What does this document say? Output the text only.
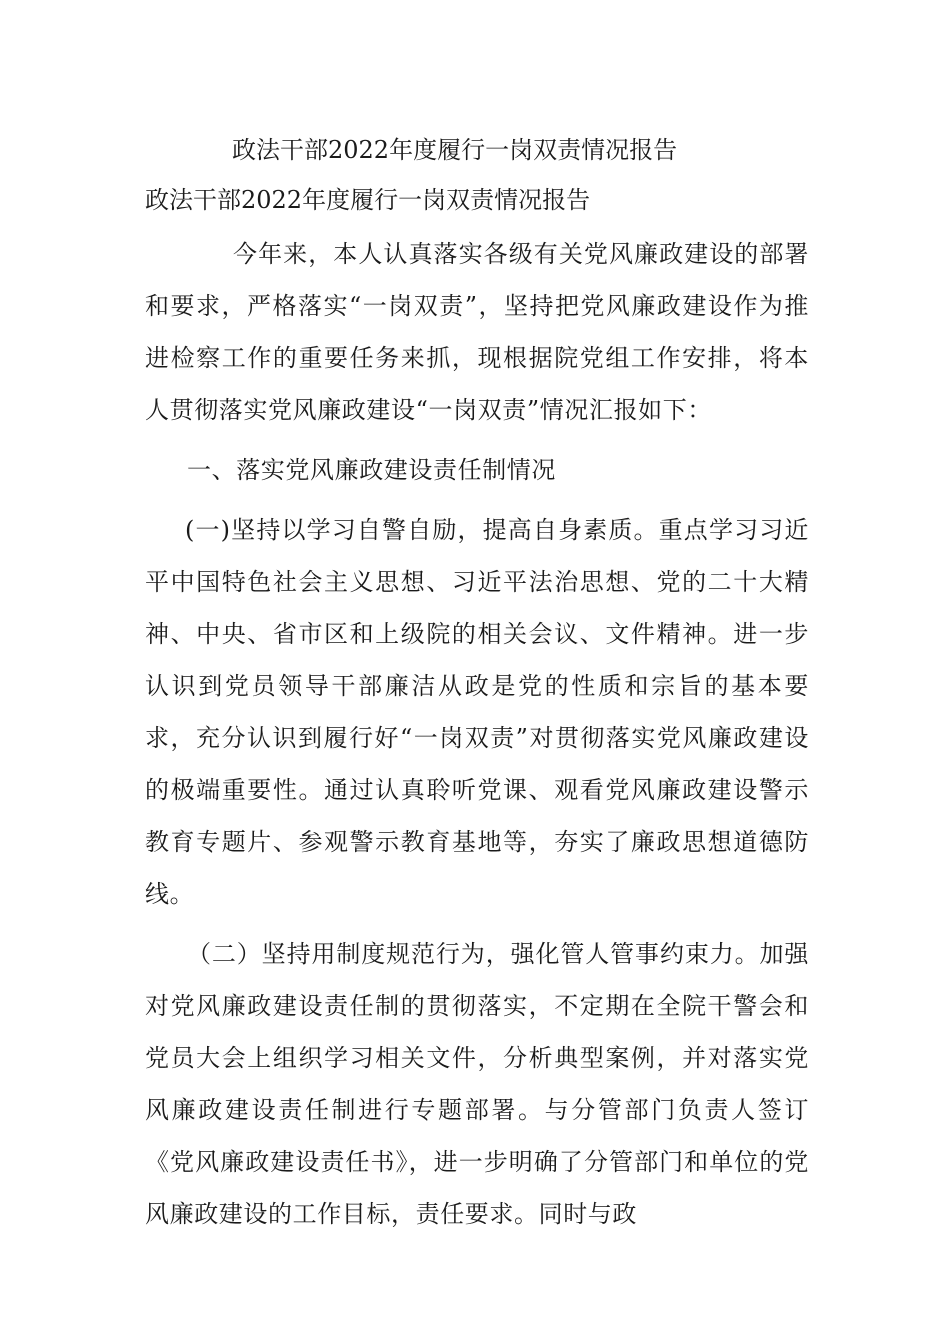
政法干部2022年度履行一岗双责情况报告
政法干部2022年度履行一岗双责情况报告

今年来，本人认真落实各级有关党风廉政建设的部署和要求，严格落实“一岗双责”，坚持把党风廉政建设作为推进检察工作的重要任务来抓，现根据院党组工作安排，将本人贯彻落实党风廉政建设“一岗双责”情况汇报如下：

一、落实党风廉政建设责任制情况

(一)坚持以学习自警自励，提高自身素质。重点学习习近平中国特色社会主义思想、习近平法治思想、党的二十大精神、中央、省市区和上级院的相关会议、文件精神。进一步认识到党员领导干部廉洁从政是党的性质和宗旨的基本要求，充分认识到履行好“一岗双责”对贯彻落实党风廉政建设的极端重要性。通过认真聆听党课、观看党风廉政建设警示教育专题片、参观警示教育基地等，夯实了廉政思想道德防线。

（二）坚持用制度规范行为，强化管人管事约束力。加强对党风廉政建设责任制的贯彻落实，不定期在全院干警会和党员大会上组织学习相关文件，分析典型案例，并对落实党风廉政建设责任制进行专题部署。与分管部门负责人签订《党风廉政建设责任书》，进一步明确了分管部门和单位的党风廉政建设的工作目标，责任要求。同时与政
